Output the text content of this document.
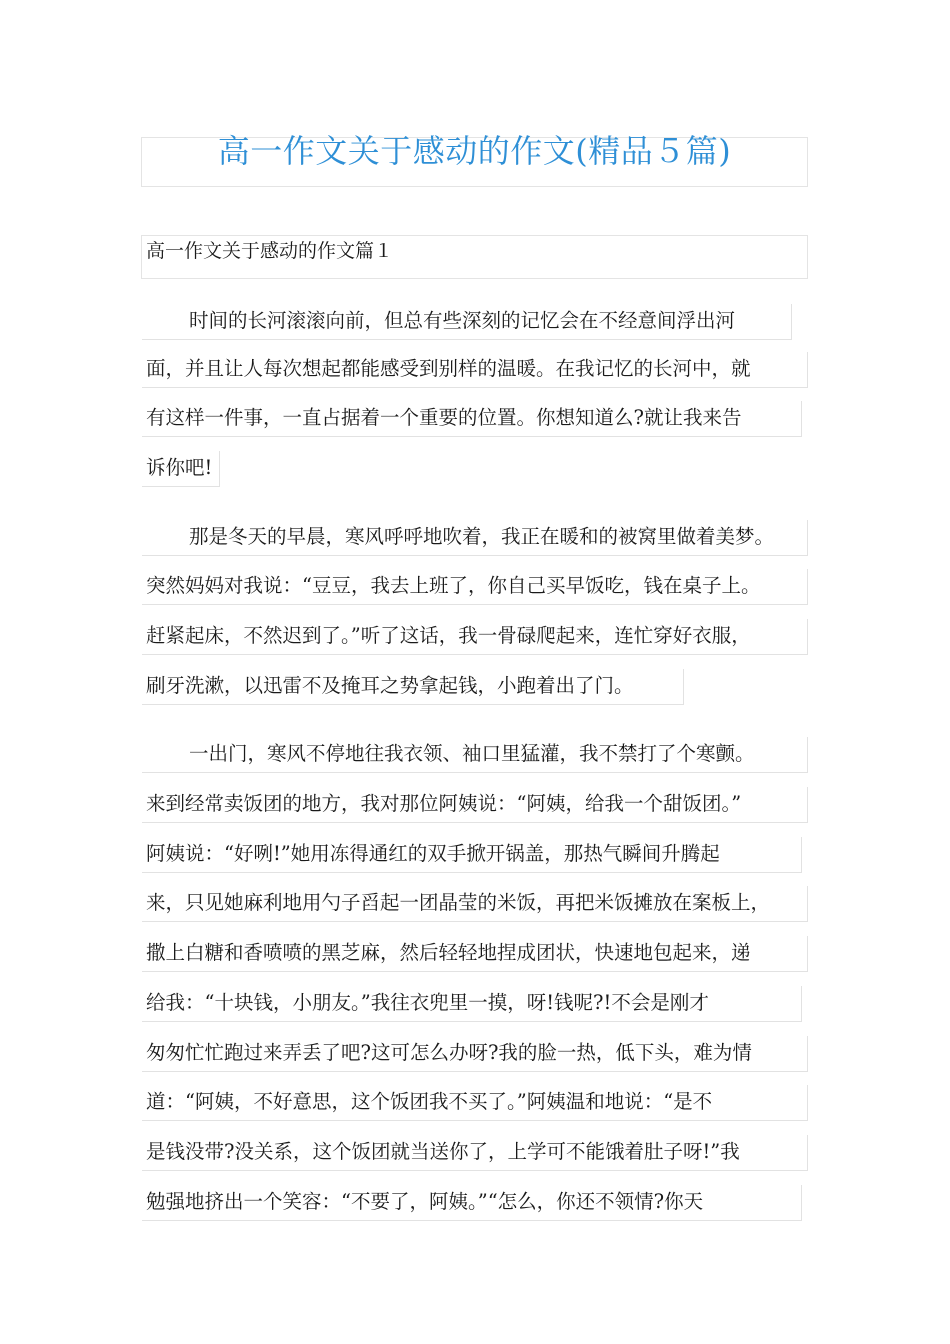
高一作文关于感动的作文(精品５篇)
高一作文关于感动的作文篇１
时间的长河滚滚向前，但总有些深刻的记忆会在不经意间浮出河
面，并且让人每次想起都能感受到别样的温暖。在我记忆的长河中，就
有这样一件事，一直占据着一个重要的位置。你想知道么?就让我来告
诉你吧!
那是冬天的早晨，寒风呼呼地吹着，我正在暖和的被窝里做着美梦。
突然妈妈对我说：“豆豆，我去上班了，你自己买早饭吃，钱在桌子上。
赶紧起床，不然迟到了。”听了这话，我一骨碌爬起来，连忙穿好衣服，
刷牙洗漱，以迅雷不及掩耳之势拿起钱，小跑着出了门。
一出门，寒风不停地往我衣领、袖口里猛灌，我不禁打了个寒颤。
来到经常卖饭团的地方，我对那位阿姨说：“阿姨，给我一个甜饭团。”
阿姨说：“好咧!”她用冻得通红的双手掀开锅盖，那热气瞬间升腾起
来，只见她麻利地用勺子舀起一团晶莹的米饭，再把米饭摊放在案板上，
撒上白糖和香喷喷的黑芝麻，然后轻轻地捏成团状，快速地包起来，递
给我：“十块钱，小朋友。”我往衣兜里一摸，呀!钱呢?!不会是刚才
匆匆忙忙跑过来弄丢了吧?这可怎么办呀?我的脸一热，低下头，难为情
道：“阿姨，不好意思，这个饭团我不买了。”阿姨温和地说：“是不
是钱没带?没关系，这个饭团就当送你了，上学可不能饿着肚子呀!”我
勉强地挤出一个笑容：“不要了，阿姨。”“怎么，你还不领情?你天
